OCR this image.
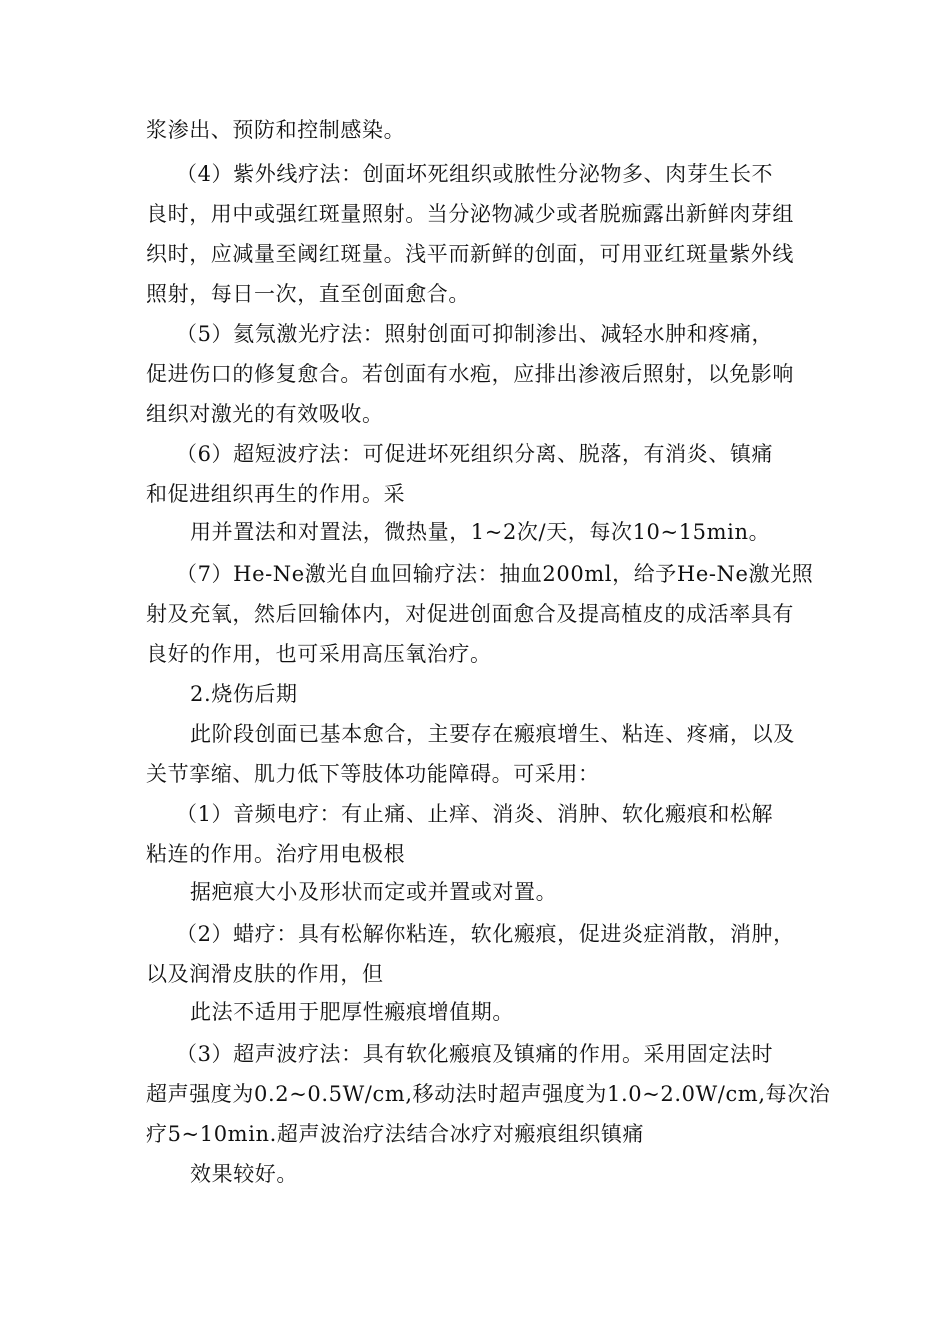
浆渗出、预防和控制感染。
（4）紫外线疗法：创面坏死组织或脓性分泌物多、肉芽生长不
良时，用中或强红斑量照射。当分泌物减少或者脱痂露出新鲜肉芽组
织时，应减量至阈红斑量。浅平而新鲜的创面，可用亚红斑量紫外线
照射，每日一次，直至创面愈合。
（5）氦氖激光疗法：照射创面可抑制渗出、减轻水肿和疼痛，
促进伤口的修复愈合。若创面有水疱，应排出渗液后照射，以免影响
组织对激光的有效吸收。
（6）超短波疗法：可促进坏死组织分离、脱落，有消炎、镇痛
和促进组织再生的作用。采
用并置法和对置法，微热量，1~2次/天，每次10~15min。
（7）He-Ne激光自血回输疗法：抽血200ml，给予He-Ne激光照
射及充氧，然后回输体内，对促进创面愈合及提高植皮的成活率具有
良好的作用，也可采用高压氧治疗。
2.烧伤后期
此阶段创面已基本愈合，主要存在瘢痕增生、粘连、疼痛，以及
关节挛缩、肌力低下等肢体功能障碍。可采用：
（1）音频电疗：有止痛、止痒、消炎、消肿、软化瘢痕和松解
粘连的作用。治疗用电极根
据疤痕大小及形状而定或并置或对置。
（2）蜡疗：具有松解你粘连，软化瘢痕，促进炎症消散，消肿，
以及润滑皮肤的作用，但
此法不适用于肥厚性瘢痕增值期。
（3）超声波疗法：具有软化瘢痕及镇痛的作用。采用固定法时
超声强度为0.2~0.5W/cm,移动法时超声强度为1.0~2.0W/cm,每次治
疗5~10min.超声波治疗法结合冰疗对瘢痕组织镇痛
效果较好。
